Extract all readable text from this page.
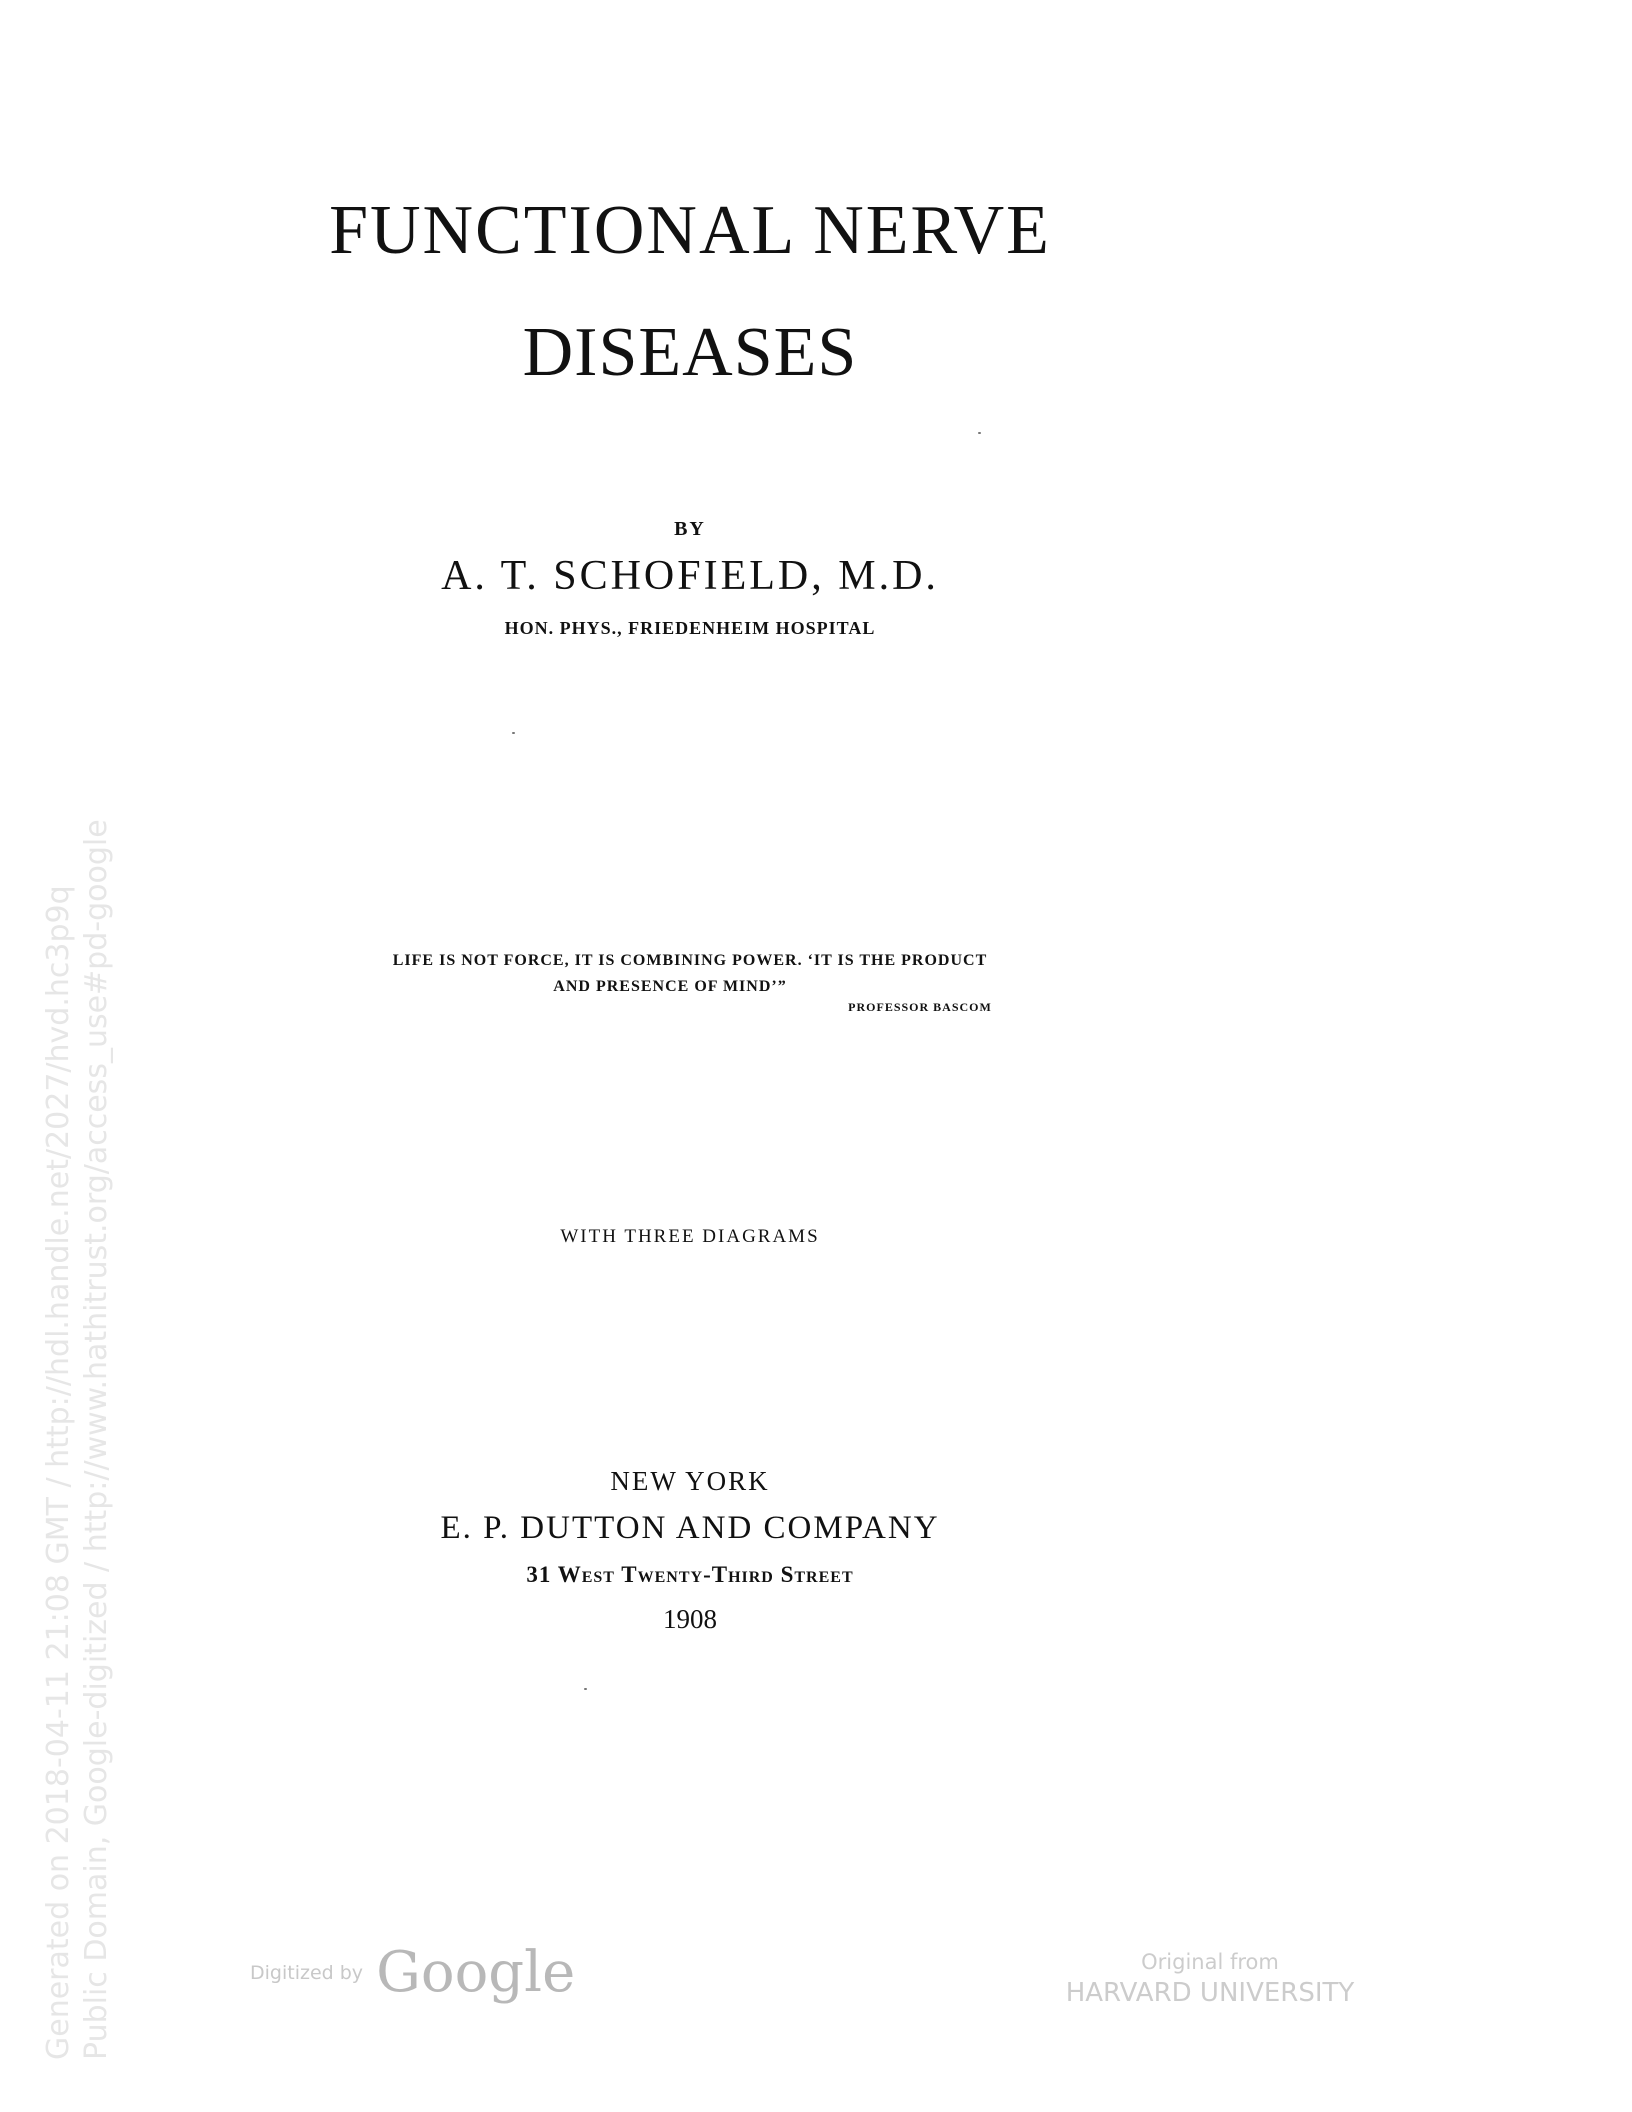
FUNCTIONAL NERVE
DISEASES
BY
A. T. SCHOFIELD, M.D.
HON. PHYS., FRIEDENHEIM HOSPITAL
LIFE IS NOT FORCE, IT IS COMBINING POWER. ‘IT IS THE PRODUCT
AND PRESENCE OF MIND’”
PROFESSOR BASCOM
WITH THREE DIAGRAMS
NEW YORK
E. P. DUTTON AND COMPANY
31 West Twenty-Third Street
1908
Generated on 2018-04-11 21:08 GMT / http://hdl.handle.net/2027/hvd.hc3p9q Public Domain, Google-digitized / http://www.hathitrust.org/access_use#pd-google	Digitized by Google	Original from
HARVARD UNIVERSITY
